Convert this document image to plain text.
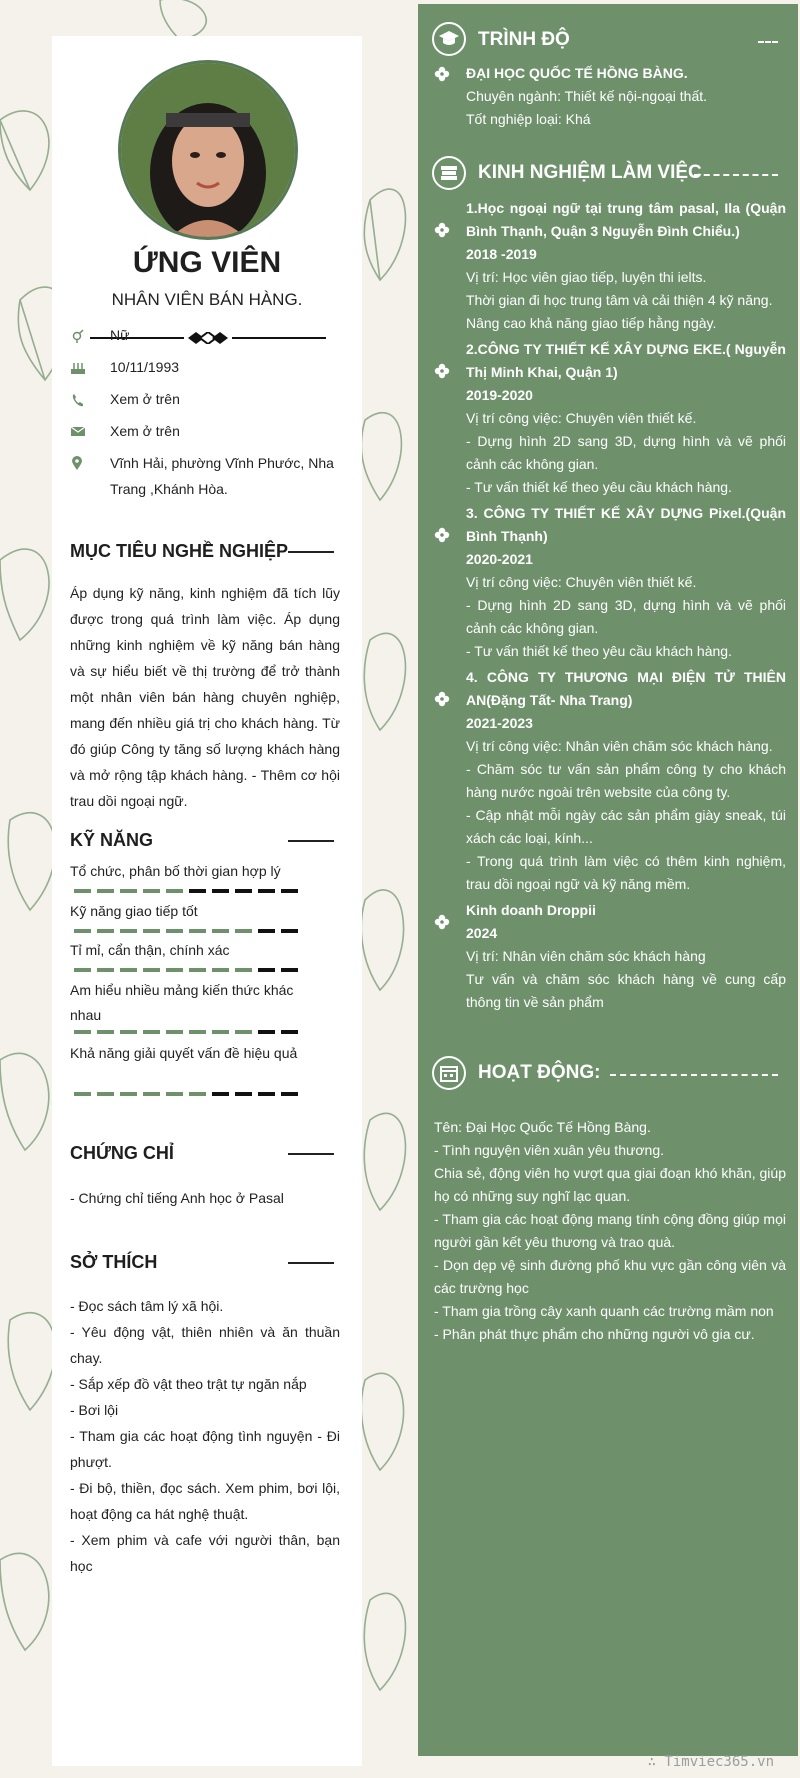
ỨNG VIÊN
NHÂN VIÊN BÁN HÀNG.
Nữ
10/11/1993
Xem ở trên
Xem ở trên
Vĩnh Hải, phường Vĩnh Phước, Nha Trang ,Khánh Hòa.
MỤC TIÊU NGHỀ NGHIỆP
Áp dụng kỹ năng, kinh nghiệm đã tích lũy được trong quá trình làm việc. Áp dụng những kinh nghiệm về kỹ năng bán hàng và sự hiểu biết về thị trường để trở thành một nhân viên bán hàng chuyên nghiệp, mang đến nhiều giá trị cho khách hàng. Từ đó giúp Công ty tăng số lượng khách hàng và mở rộng tập khách hàng. - Thêm cơ hội trau dồi ngoại ngữ.
KỸ NĂNG
Tổ chức, phân bố thời gian hợp lý
Kỹ năng giao tiếp tốt
Tỉ mỉ, cẩn thận, chính xác
Am hiểu nhiều mảng kiến thức khác nhau
Khả năng giải quyết vấn đề hiệu quả
CHỨNG CHỈ
- Chứng chỉ tiếng Anh học ở Pasal
SỞ THÍCH
- Đọc sách tâm lý xã hội.
- Yêu động vật, thiên nhiên và ăn thuần chay.
- Sắp xếp đồ vật theo trật tự ngăn nắp
- Bơi lội
- Tham gia các hoạt động tình nguyện - Đi phượt.
- Đi bộ, thiền, đọc sách. Xem phim, bơi lội, hoạt động ca hát nghệ thuật.
- Xem phim và cafe với người thân, bạn học
TRÌNH ĐỘ
ĐẠI HỌC QUỐC TẾ HỒNG BÀNG.
Chuyên ngành: Thiết kế nội-ngoại thất.
Tốt nghiệp loại: Khá
KINH NGHIỆM LÀM VIỆC
1.Học ngoại ngữ tại trung tâm pasal, Ila (Quận Bình Thạnh, Quận 3 Nguyễn Đình Chiểu.)
2018 -2019
Vị trí: Học viên giao tiếp, luyện thi ielts.
Thời gian đi học trung tâm và cải thiện 4 kỹ năng.
Nâng cao khả năng giao tiếp hằng ngày.
2.CÔNG TY THIẾT KẾ XÂY DỰNG EKE.( Nguyễn Thị Minh Khai, Quận 1)
2019-2020
Vị trí công việc: Chuyên viên thiết kế.
- Dựng hình 2D sang 3D, dựng hình và vẽ phối cảnh các không gian.
- Tư vấn thiết kế theo yêu cầu khách hàng.
3. CÔNG TY THIẾT KẾ XÂY DỰNG Pixel.(Quận Bình Thạnh)
2020-2021
Vị trí công việc: Chuyên viên thiết kế.
- Dựng hình 2D sang 3D, dựng hình và vẽ phối cảnh các không gian.
- Tư vấn thiết kế theo yêu cầu khách hàng.
4. CÔNG TY THƯƠNG MẠI ĐIỆN TỬ THIÊN AN(Đặng Tất- Nha Trang)
2021-2023
Vị trí công việc: Nhân viên chăm sóc khách hàng.
- Chăm sóc tư vấn sản phẩm công ty cho khách hàng nước ngoài trên website của công ty.
- Cập nhật mỗi ngày các sản phẩm giày sneak, túi xách các loại, kính...
- Trong quá trình làm việc có thêm kinh nghiệm, trau dồi ngoại ngữ và kỹ năng mềm.
Kinh doanh Droppii
2024
Vị trí: Nhân viên chăm sóc khách hàng
Tư vấn và chăm sóc khách hàng về cung cấp thông tin về sản phẩm
HOẠT ĐỘNG:
Tên: Đại Học Quốc Tế Hồng Bàng.
- Tình nguyện viên xuân yêu thương.
Chia sẻ, động viên họ vượt qua giai đoạn khó khăn, giúp họ có những suy nghĩ lạc quan.
- Tham gia các hoạt động mang tính cộng đồng giúp mọi người gần kết yêu thương và trao quà.
- Dọn dẹp vệ sinh đường phố khu vực gần công viên và các trường học
- Tham gia trồng cây xanh quanh các trường mầm non
- Phân phát thực phẩm cho những người vô gia cư.
∴ Timviec365.vn
